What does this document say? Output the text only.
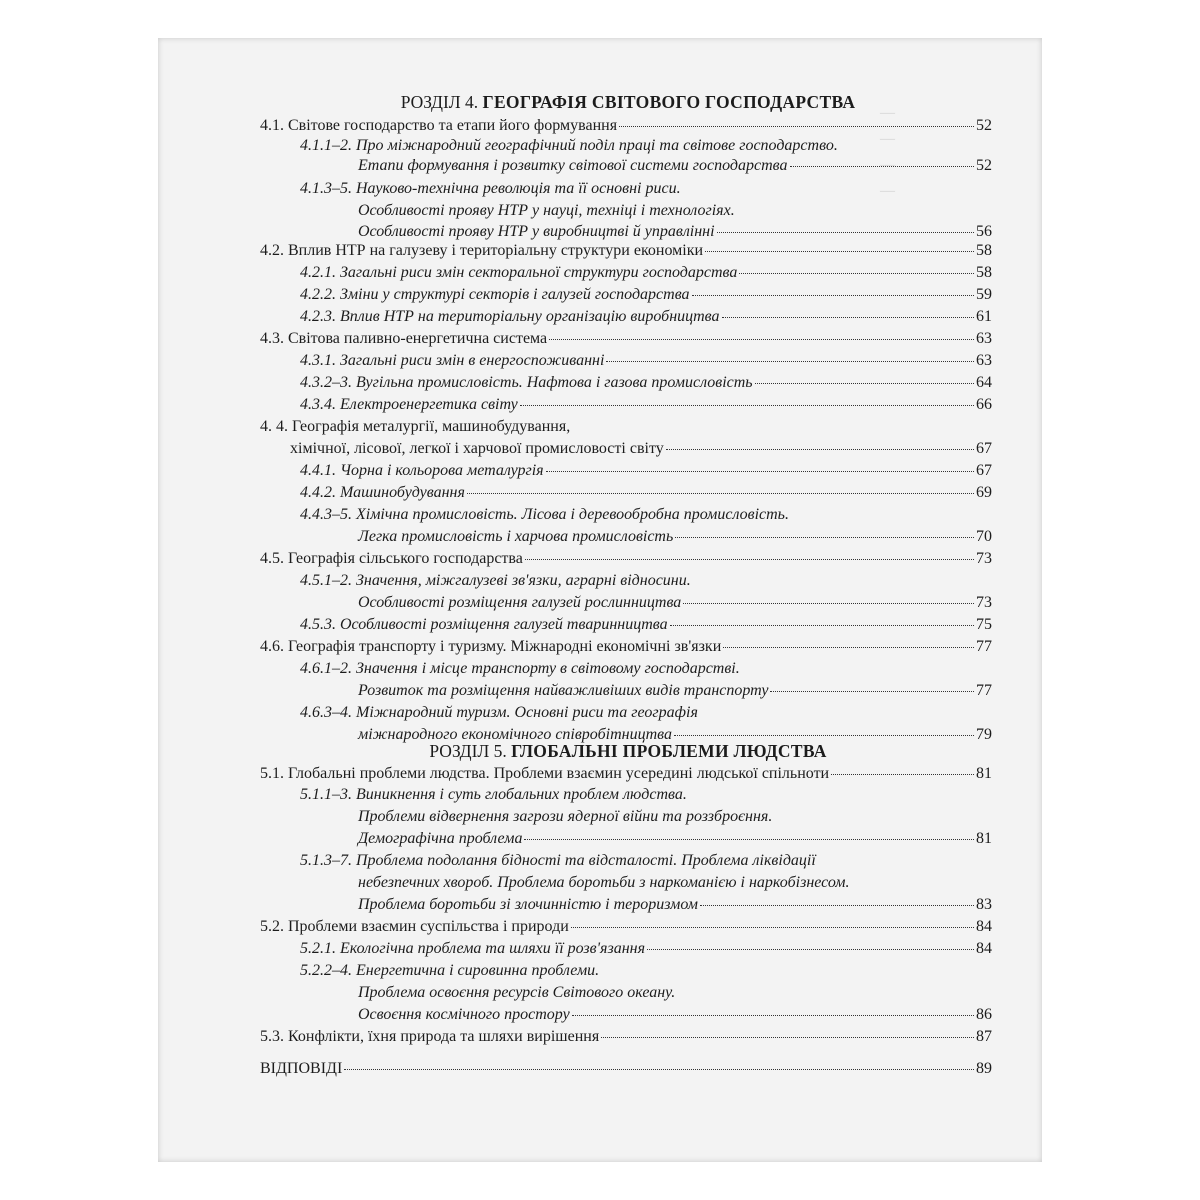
—
—
—
—
РОЗДІЛ 4. ГЕОГРАФІЯ СВІТОВОГО ГОСПОДАРСТВА
4.1. Світове господарство та етапи його формування	52
4.1.1–2. Про міжнародний географічний поділ праці та світове господарство.
Етапи формування і розвитку світової системи господарства	52
4.1.3–5. Науково-технічна революція та її основні риси.
Особливості прояву НТР у науці, техніці і технологіях.
Особливості прояву НТР у виробництві й управлінні	56
4.2. Вплив НТР на галузеву і територіальну структури економіки	58
4.2.1. Загальні риси змін секторальної структури господарства	58
4.2.2. Зміни у структурі секторів і галузей господарства	59
4.2.3. Вплив НТР на територіальну організацію виробництва	61
4.3. Світова паливно-енергетична система	63
4.3.1. Загальні риси змін в енергоспоживанні	63
4.3.2–3. Вугільна промисловість. Нафтова і газова промисловість	64
4.3.4. Електроенергетика світу	66
4. 4. Географія металургії, машинобудування,
хімічної, лісової, легкої і харчової промисловості світу	67
4.4.1. Чорна і кольорова металургія	67
4.4.2. Машинобудування	69
4.4.3–5. Хімічна промисловість. Лісова і деревообробна промисловість.
Легка промисловість і харчова промисловість	70
4.5. Географія сільського господарства	73
4.5.1–2. Значення, міжгалузеві зв'язки, аграрні відносини.
Особливості розміщення галузей рослинництва	73
4.5.3. Особливості розміщення галузей тваринництва	75
4.6. Географія транспорту і туризму. Міжнародні економічні зв'язки	77
4.6.1–2. Значення і місце транспорту в світовому господарстві.
Розвиток та розміщення найважливіших видів транспорту	77
4.6.3–4. Міжнародний туризм. Основні риси та географія
міжнародного економічного співробітництва	79
РОЗДІЛ 5. ГЛОБАЛЬНІ ПРОБЛЕМИ ЛЮДСТВА
5.1. Глобальні проблеми людства. Проблеми взаємин усередині людської спільноти	81
5.1.1–3. Виникнення і суть глобальних проблем людства.
Проблеми відвернення загрози ядерної війни та роззброєння.
Демографічна проблема	81
5.1.3–7. Проблема подолання бідності та відсталості. Проблема ліквідації
небезпечних хвороб. Проблема боротьби з наркоманією і наркобізнесом.
Проблема боротьби зі злочинністю і тероризмом	83
5.2. Проблеми взаємин суспільства і природи	84
5.2.1. Екологічна проблема та шляхи її розв'язання	84
5.2.2–4. Енергетична і сировинна проблеми.
Проблема освоєння ресурсів Світового океану.
Освоєння космічного простору	86
5.3. Конфлікти, їхня природа та шляхи вирішення	87
ВІДПОВІДІ	89
